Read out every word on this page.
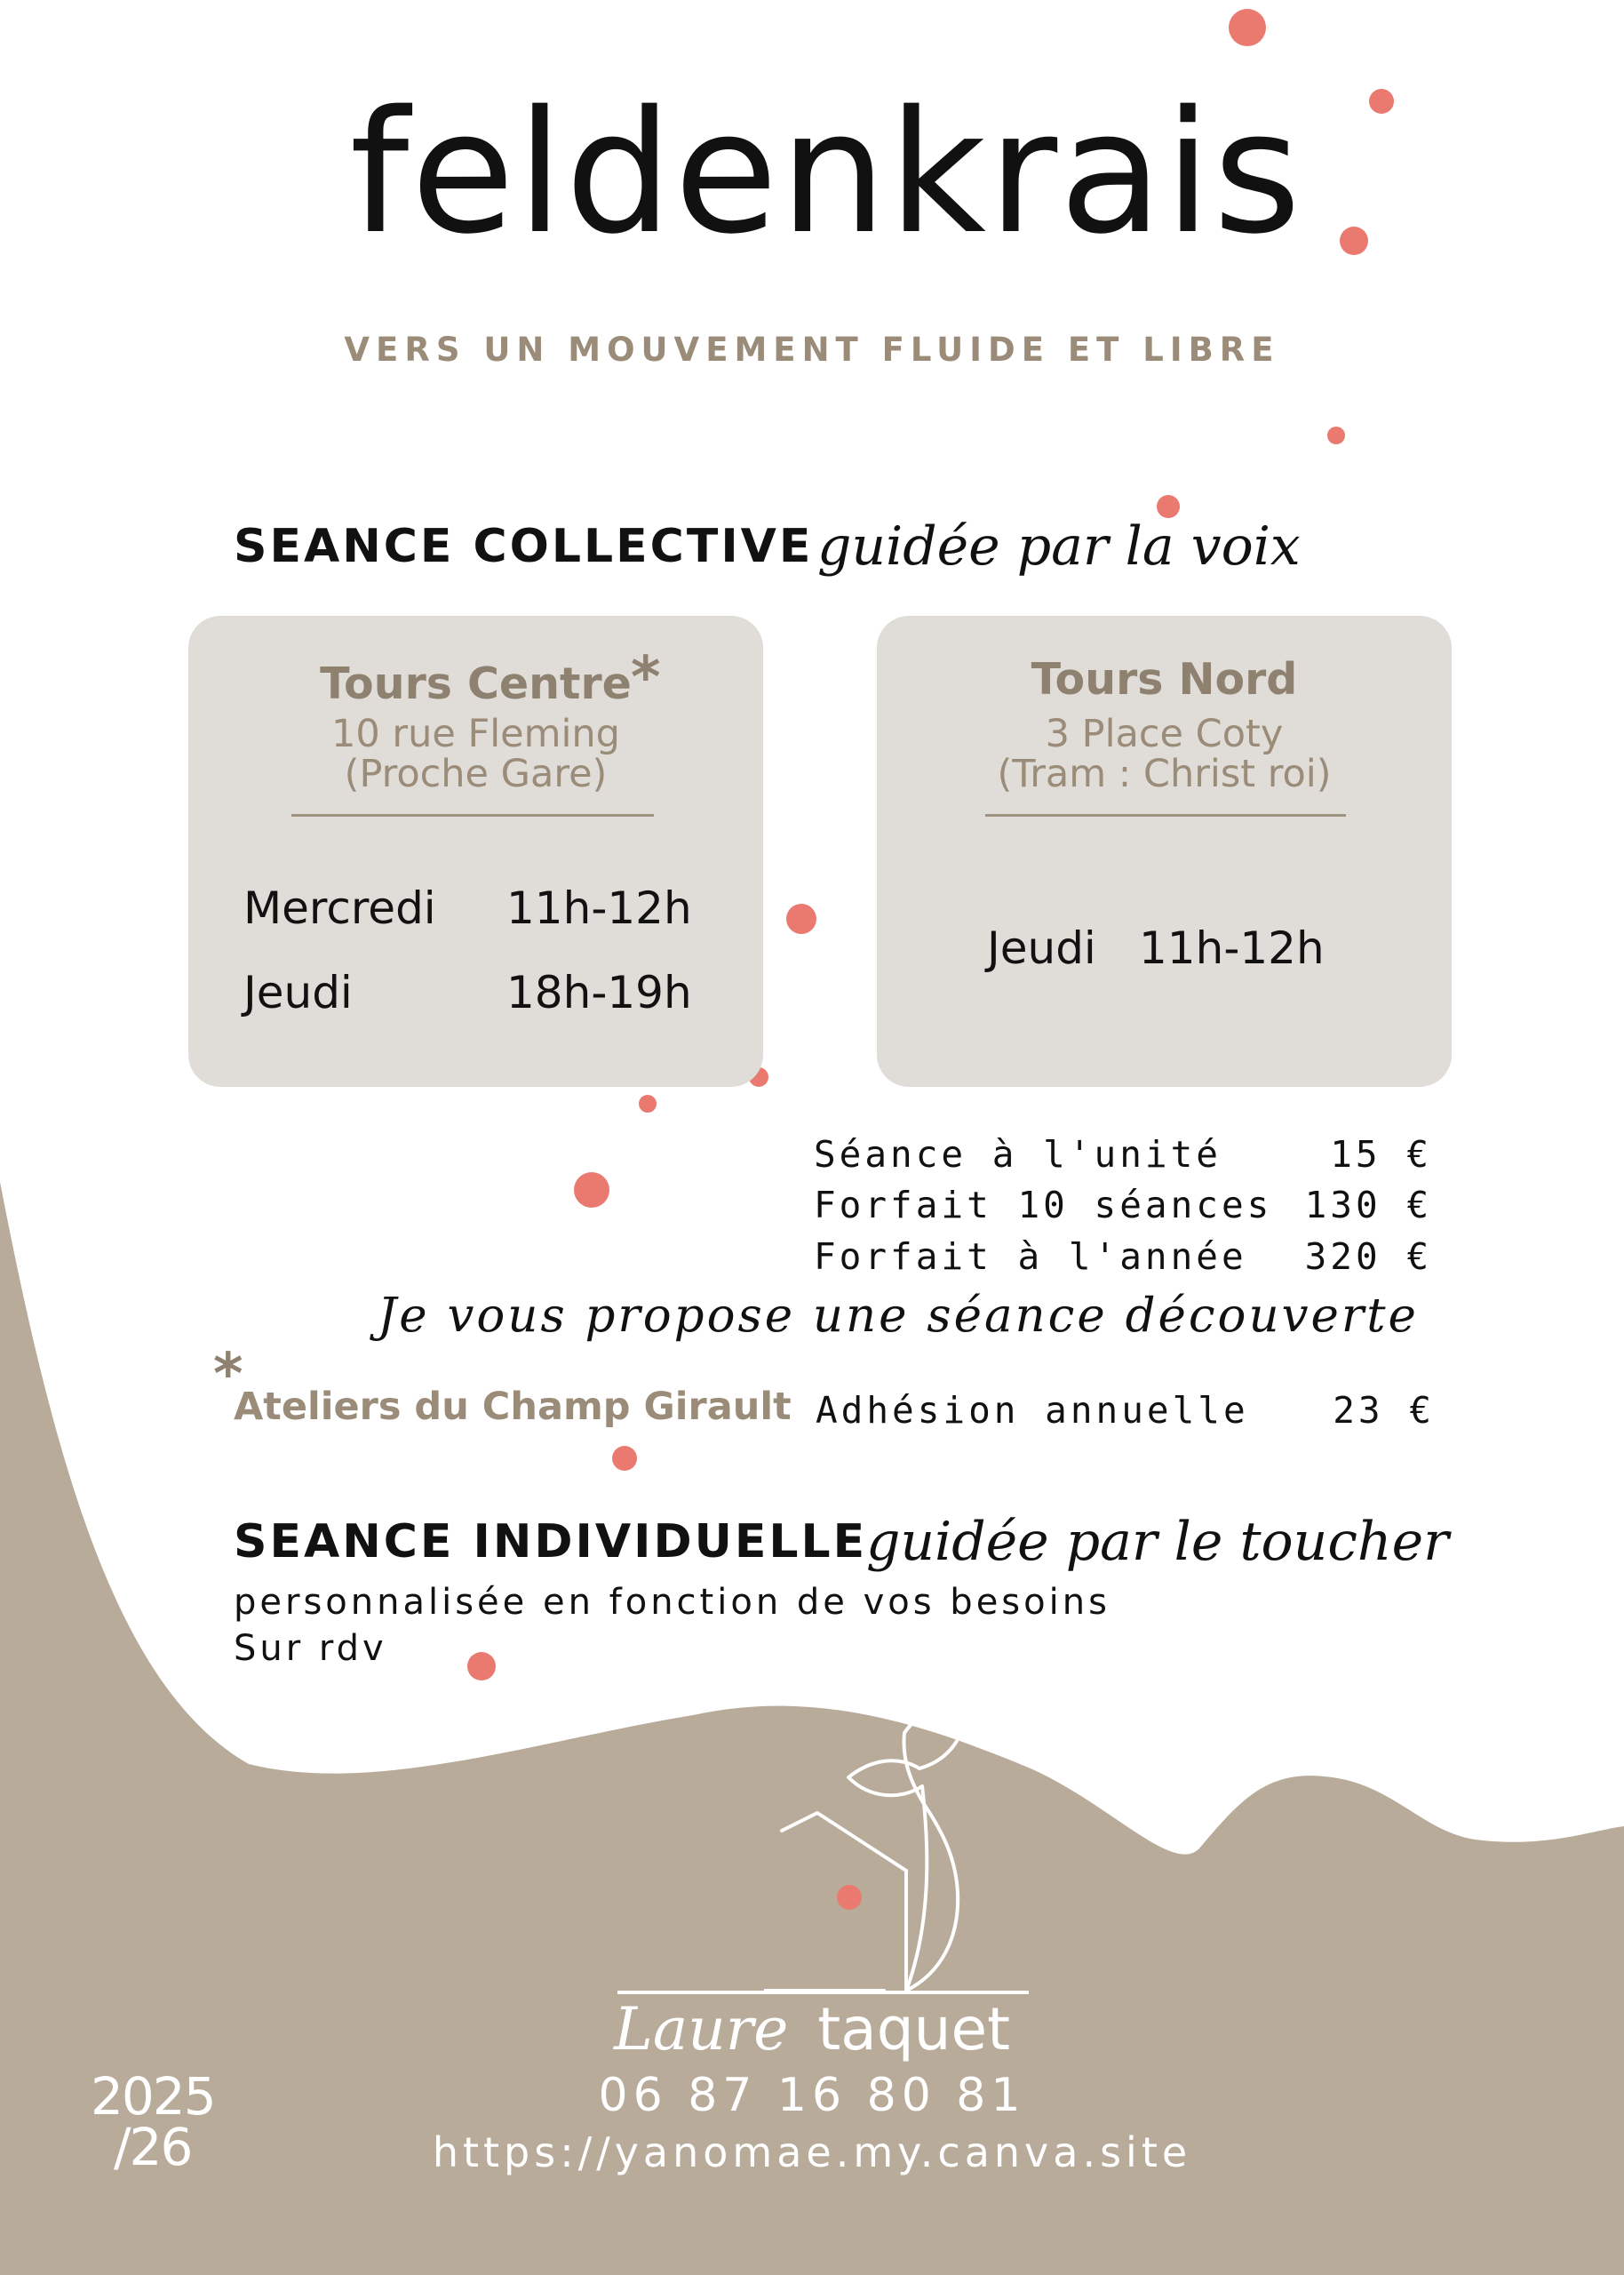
feldenkrais
VERS UN MOUVEMENT FLUIDE ET LIBRE
SEANCE COLLECTIVE guidée par la voix
Tours Centre *
10 rue Fleming
(Proche Gare)
Mercredi 11h-12h
Jeudi	18h-19h
Tours Nord
3 Place Coty
(Tram : Christ roi)
Jeudi 11h-12h
Séance à l'unité	15 €
Forfait 10 séances 130 €
Forfait à l'année	320 €
Je vous propose une séance découverte
*
Ateliers du Champ Girault Adhésion annuelle	23 €
SEANCE INDIVIDUELLE
guidée par le toucher
personnalisée en fonction de vos besoins
Sur rdv
Laure taquet
06 87 16 80 81
https://yanomae.my.canva.site
2025
/26
